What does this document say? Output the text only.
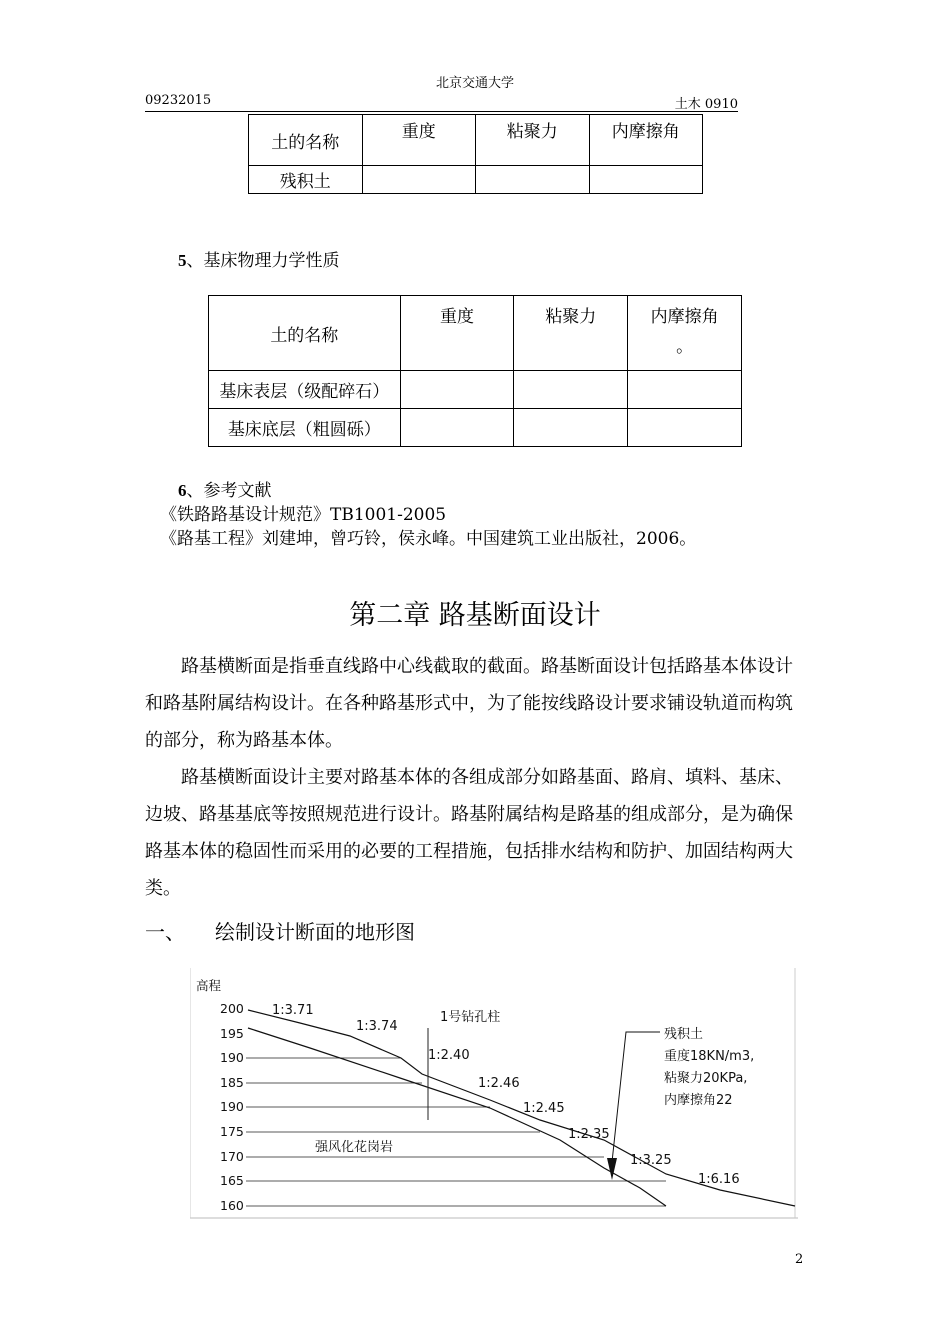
北京交通大学
09232015	土木 0910
土的名称	重度	粘聚力	内摩擦角
残积土			
5、基床物理力学性质
土的名称	重度	粘聚力	内摩擦角
。

基床表层（级配碎石）			
基床底层（粗圆砾）			
6、参考文献
《铁路路基设计规范》TB1001-2005
《路基工程》刘建坤，曾巧铃，侯永峰。中国建筑工业出版社，2006。
第二章 路基断面设计

路基横断面是指垂直线路中心线截取的截面。路基断面设计包括路基本体设计和路基附属结构设计。在各种路基形式中，为了能按线路设计要求铺设轨道而构筑的部分，称为路基本体。

路基横断面设计主要对路基本体的各组成部分如路基面、路肩、填料、基床、边坡、路基基底等按照规范进行设计。路基附属结构是路基的组成部分，是为确保路基本体的稳固性而采用的必要的工程措施，包括排水结构和防护、加固结构两大类。

一、 绘制设计断面的地形图
高程
200
195
190
185
190
175
170
165
160
1号钻孔柱
1:3.71
1:3.74
1:2.40
1:2.46
1:2.45
1:2.35
1:3.25
1:6.16
强风化花岗岩
残积土
重度18KN/m3,
粘聚力20KPa,
内摩擦角22
2
